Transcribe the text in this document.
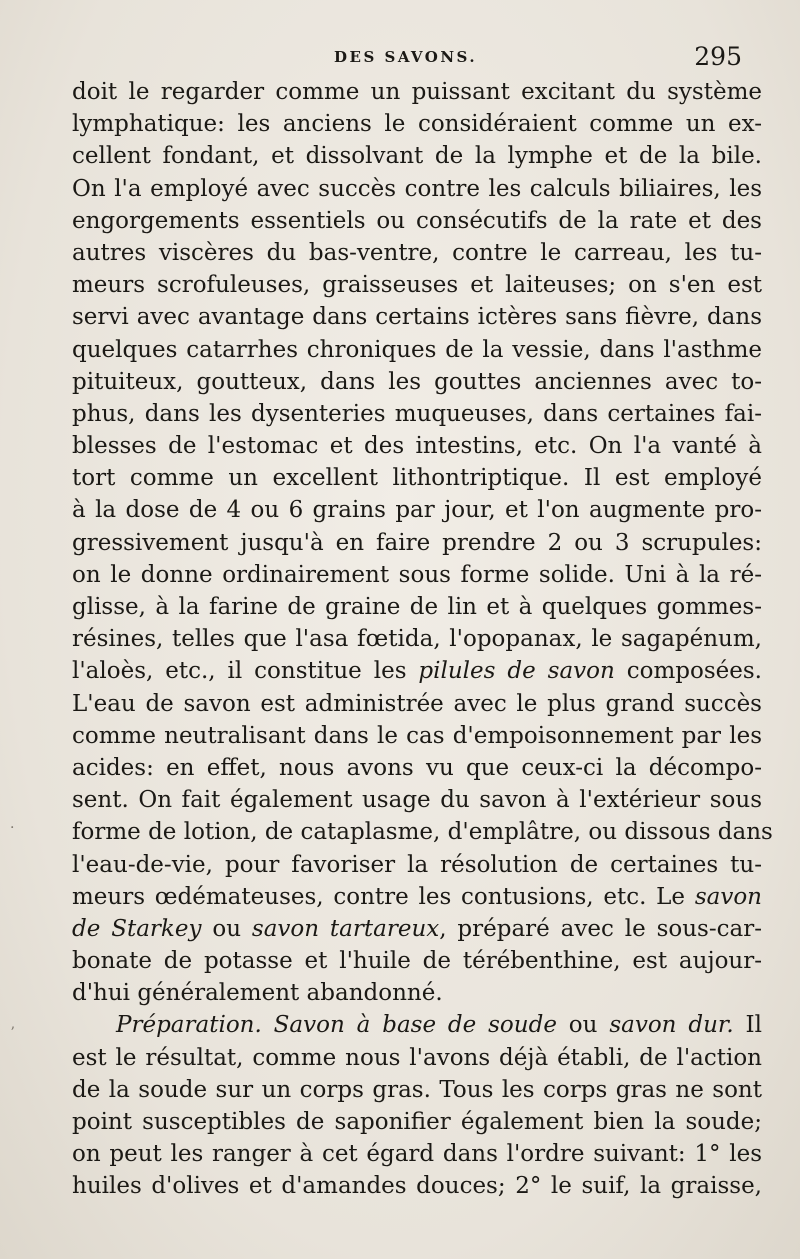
DES SAVONS.	295
doit le regarder comme un puissant excitant du système
lymphatique: les anciens le considéraient comme un ex-
cellent fondant, et dissolvant de la lymphe et de la bile.
On l'a employé avec succès contre les calculs biliaires, les
engorgements essentiels ou consécutifs de la rate et des
autres viscères du bas-ventre, contre le carreau, les tu-
meurs scrofuleuses, graisseuses et laiteuses; on s'en est
servi avec avantage dans certains ictères sans fièvre, dans
quelques catarrhes chroniques de la vessie, dans l'asthme
pituiteux, goutteux, dans les gouttes anciennes avec to-
phus, dans les dysenteries muqueuses, dans certaines fai-
blesses de l'estomac et des intestins, etc. On l'a vanté à
tort comme un excellent lithontriptique. Il est employé
à la dose de 4 ou 6 grains par jour, et l'on augmente pro-
gressivement jusqu'à en faire prendre 2 ou 3 scrupules:
on le donne ordinairement sous forme solide. Uni à la ré-
glisse, à la farine de graine de lin et à quelques gommes-
résines, telles que l'asa fœtida, l'opopanax, le sagapénum,
l'aloès, etc., il constitue les pilules de savon composées.
L'eau de savon est administrée avec le plus grand succès
comme neutralisant dans le cas d'empoisonnement par les
acides: en effet, nous avons vu que ceux-ci la décompo-
sent. On fait également usage du savon à l'extérieur sous
forme de lotion, de cataplasme, d'emplâtre, ou dissous dans
l'eau-de-vie, pour favoriser la résolution de certaines tu-
meurs œdémateuses, contre les contusions, etc. Le savon
de Starkey ou savon tartareux, préparé avec le sous-car-
bonate de potasse et l'huile de térébenthine, est aujour-
d'hui généralement abandonné.
Préparation. Savon à base de soude ou savon dur. Il
est le résultat, comme nous l'avons déjà établi, de l'action
de la soude sur un corps gras. Tous les corps gras ne sont
point susceptibles de saponifier également bien la soude;
on peut les ranger à cet égard dans l'ordre suivant: 1° les
huiles d'olives et d'amandes douces; 2° le suif, la graisse,
ʼ
·
